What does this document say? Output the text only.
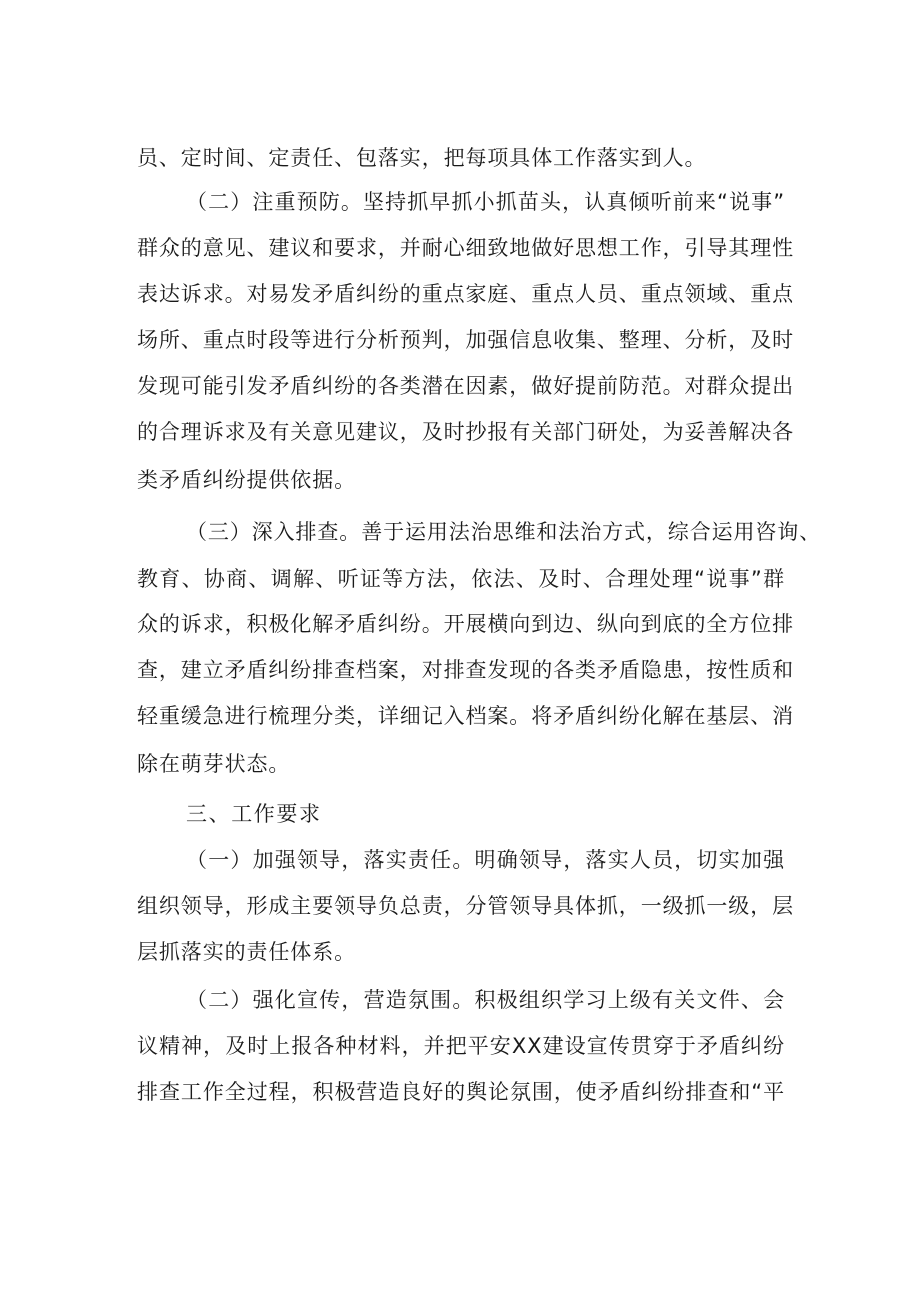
员、定时间、定责任、包落实，把每项具体工作落实到人。
（二）注重预防。坚持抓早抓小抓苗头，认真倾听前来“说事”
群众的意见、建议和要求，并耐心细致地做好思想工作，引导其理性
表达诉求。对易发矛盾纠纷的重点家庭、重点人员、重点领域、重点
场所、重点时段等进行分析预判，加强信息收集、整理、分析，及时
发现可能引发矛盾纠纷的各类潜在因素，做好提前防范。对群众提出
的合理诉求及有关意见建议，及时抄报有关部门研处，为妥善解决各
类矛盾纠纷提供依据。
（三）深入排查。善于运用法治思维和法治方式，综合运用咨询、
教育、协商、调解、听证等方法，依法、及时、合理处理“说事”群
众的诉求，积极化解矛盾纠纷。开展横向到边、纵向到底的全方位排
查，建立矛盾纠纷排查档案，对排查发现的各类矛盾隐患，按性质和
轻重缓急进行梳理分类，详细记入档案。将矛盾纠纷化解在基层、消
除在萌芽状态。
三、工作要求
（一）加强领导，落实责任。明确领导，落实人员，切实加强
组织领导，形成主要领导负总责，分管领导具体抓，一级抓一级，层
层抓落实的责任体系。
（二）强化宣传，营造氛围。积极组织学习上级有关文件、会
议精神，及时上报各种材料，并把平安XX建设宣传贯穿于矛盾纠纷
排查工作全过程，积极营造良好的舆论氛围，使矛盾纠纷排查和“平
